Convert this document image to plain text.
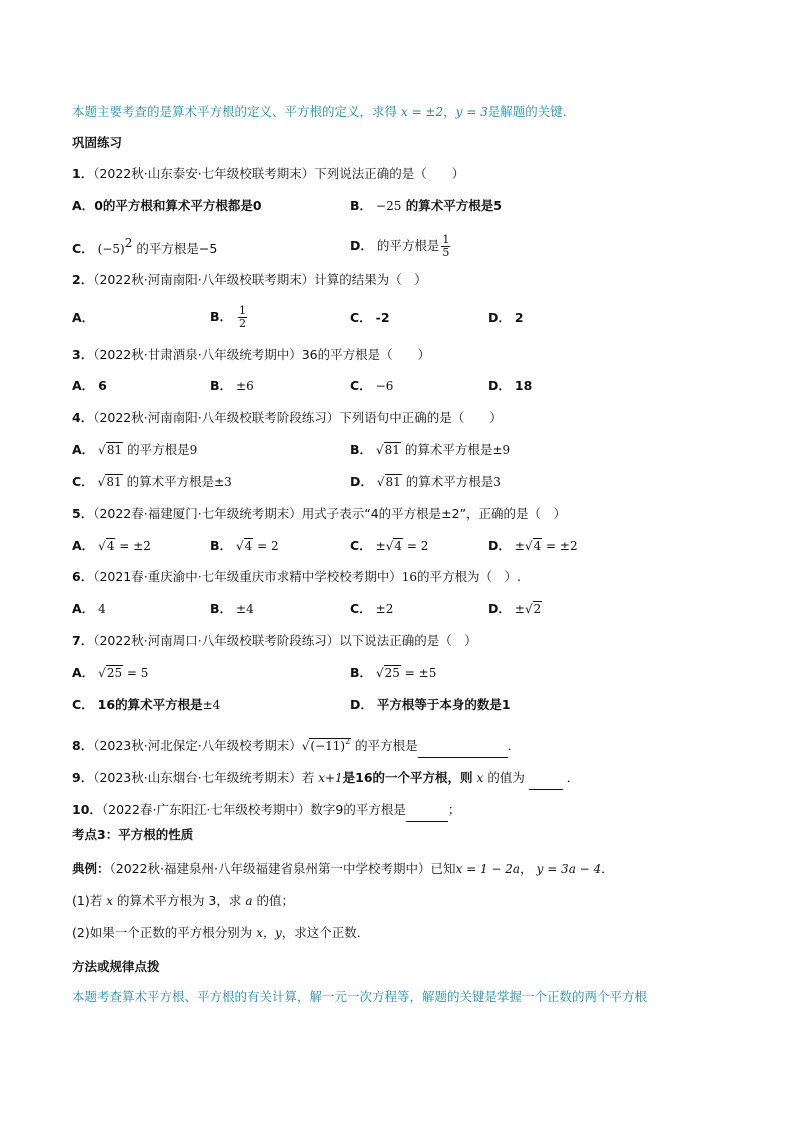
本题主要考查的是算术平方根的定义、平方根的定义，求得 x = ±2，y = 3是解题的关键．
巩固练习
1．（2022秋·山东泰安·七年级校联考期末）下列说法正确的是（　　）
A．0的平方根和算术平方根都是0	B． −25 的算术平方根是5
C． $(-5)^2$ 的平方根是−5	D． 的平方根是 $\frac{1}{5}$
2．（2022秋·河南南阳·八年级校联考期末）计算的结果为（　）
A．	B． $\frac{1}{2}$	C． -2	D． 2
3．（2022秋·甘肃酒泉·八年级统考期中）36的平方根是（　　）
A． 6	B． ±6	C． −6	D． 18
4．（2022秋·河南南阳·八年级校联考阶段练习）下列语句中正确的是（　　）
A． √81 的平方根是9	B． √81 的算术平方根是±9
C． √81 的算术平方根是±3	D． √81 的算术平方根是3
5．（2022春·福建厦门·七年级统考期末）用式子表示“4的平方根是±2”，正确的是（　）
A． √4 = ±2	B． √4 = 2	C． ±√4 = 2	D． ±√4 = ±2
6．（2021春·重庆渝中·七年级重庆市求精中学校校考期中）16的平方根为（　）.
A． 4	B． ±4	C． ±2	D． ±√2
7．（2022秋·河南周口·八年级校联考阶段练习）以下说法正确的是（　）
A． √25 = 5	B． √25 = ±5
C． 16的算术平方根是±4	D． 平方根等于本身的数是1
8．（2023秋·河北保定·八年级校考期末）$√(-11)^2$ 的平方根是	．
9．（2023秋·山东烟台·七年级统考期末）若 x+1是16的一个平方根，则 x 的值为	．
10．（2022春·广东阳江·七年级校考期中）数字9的平方根是	；
考点3：平方根的性质
典例：（2022秋·福建泉州·八年级福建省泉州第一中学校考期中）已知x = 1 − 2a， y = 3a − 4．
(1)若 x 的算术平方根为 3，求 a 的值；
(2)如果一个正数的平方根分别为 x，y，求这个正数．
方法或规律点拨
本题考查算术平方根、平方根的有关计算，解一元一次方程等，解题的关键是掌握一个正数的两个平方根
